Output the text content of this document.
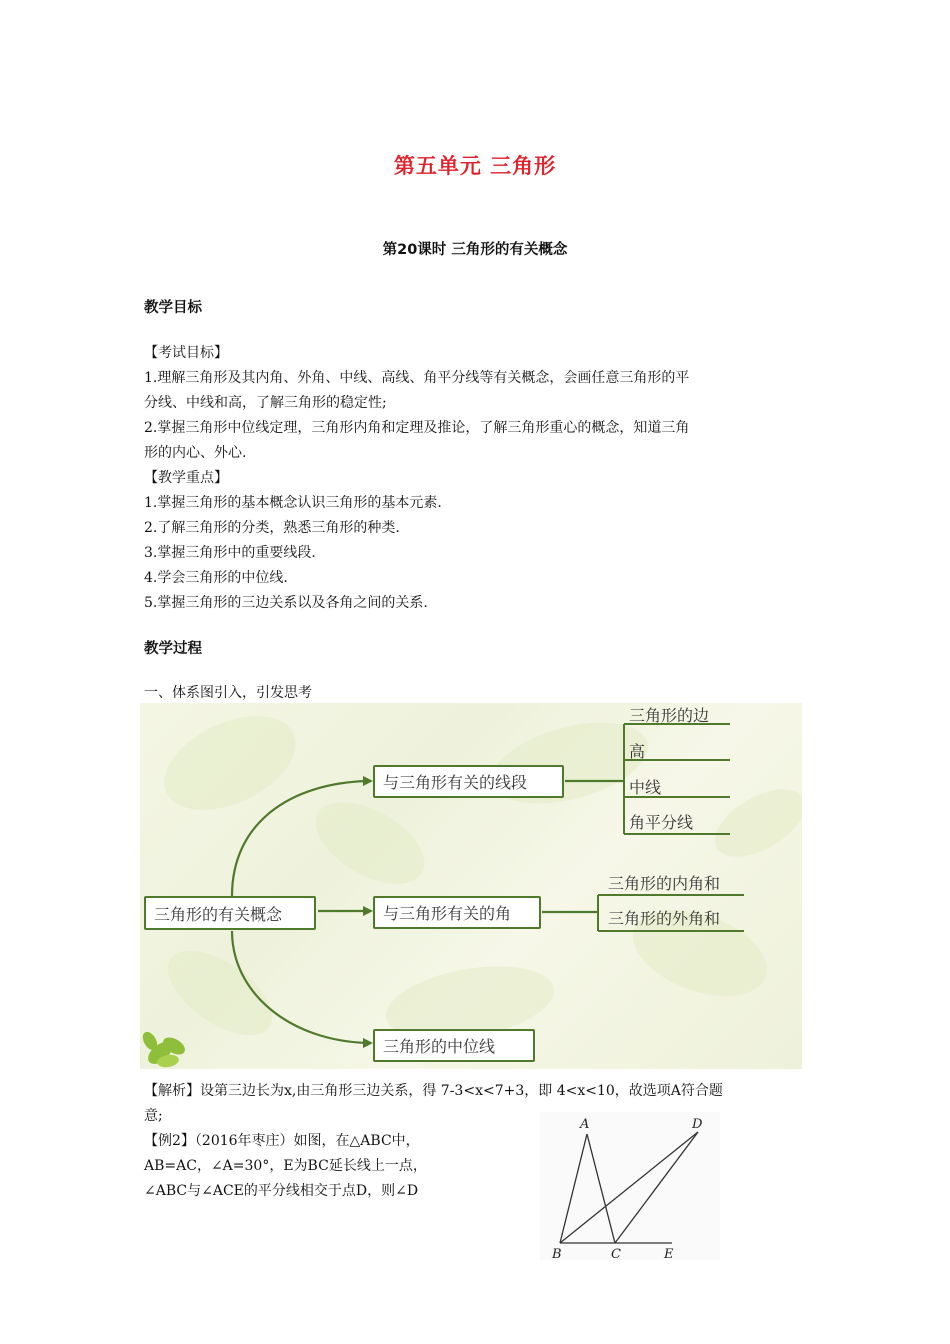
第五单元 三角形
第20课时 三角形的有关概念
教学目标
【考试目标】
1.理解三角形及其内角、外角、中线、高线、角平分线等有关概念，会画任意三角形的平
分线、中线和高，了解三角形的稳定性;
2.掌握三角形中位线定理，三角形内角和定理及推论，了解三角形重心的概念，知道三角
形的内心、外心.
【教学重点】
1.掌握三角形的基本概念认识三角形的基本元素.
2.了解三角形的分类，熟悉三角形的种类.
3.掌握三角形中的重要线段.
4.学会三角形的中位线.
5.掌握三角形的三边关系以及各角之间的关系.
教学过程
一、体系图引入，引发思考
三角形的有关概念
与三角形有关的线段
与三角形有关的角
三角形的中位线
三角形的边
高
中线
角平分线
三角形的内角和
三角形的外角和
【解析】设第三边长为x,由三角形三边关系，得 7-3<x<7+3，即 4<x<10，故选项A符合题
意;
【例2】（2016年枣庄）如图，在△ABC中，
AB=AC，∠A=30°，E为BC延长线上一点，
∠ABC与∠ACE的平分线相交于点D，则∠D
A
B	C
D
E
